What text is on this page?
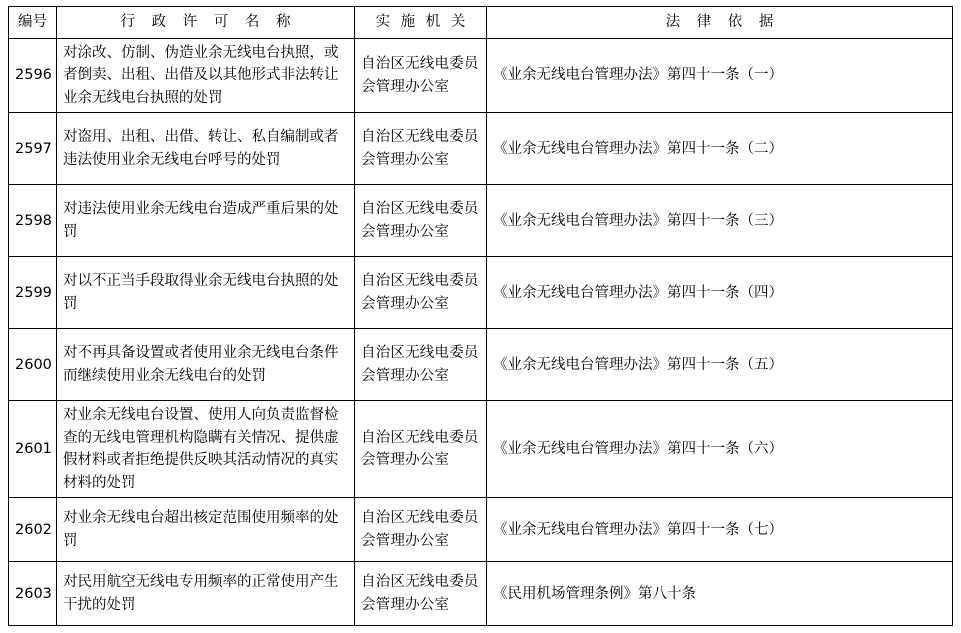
编号	行 政 许 可 名 称	实 施 机 关	法 律 依 据
2596	对涂改、仿制、伪造业余无线电台执照，或者倒卖、出租、出借及以其他形式非法转让业余无线电台执照的处罚	自治区无线电委员会管理办公室	《业余无线电台管理办法》第四十一条（一）
2597	对盗用、出租、出借、转让、私自编制或者违法使用业余无线电台呼号的处罚	自治区无线电委员会管理办公室	《业余无线电台管理办法》第四十一条（二）
2598	对违法使用业余无线电台造成严重后果的处罚	自治区无线电委员会管理办公室	《业余无线电台管理办法》第四十一条（三）
2599	对以不正当手段取得业余无线电台执照的处罚	自治区无线电委员会管理办公室	《业余无线电台管理办法》第四十一条（四）
2600	对不再具备设置或者使用业余无线电台条件而继续使用业余无线电台的处罚	自治区无线电委员会管理办公室	《业余无线电台管理办法》第四十一条（五）
2601	对业余无线电台设置、使用人向负责监督检查的无线电管理机构隐瞒有关情况、提供虚假材料或者拒绝提供反映其活动情况的真实材料的处罚	自治区无线电委员会管理办公室	《业余无线电台管理办法》第四十一条（六）
2602	对业余无线电台超出核定范围使用频率的处罚	自治区无线电委员会管理办公室	《业余无线电台管理办法》第四十一条（七）
2603	对民用航空无线电专用频率的正常使用产生干扰的处罚	自治区无线电委员会管理办公室	《民用机场管理条例》第八十条
